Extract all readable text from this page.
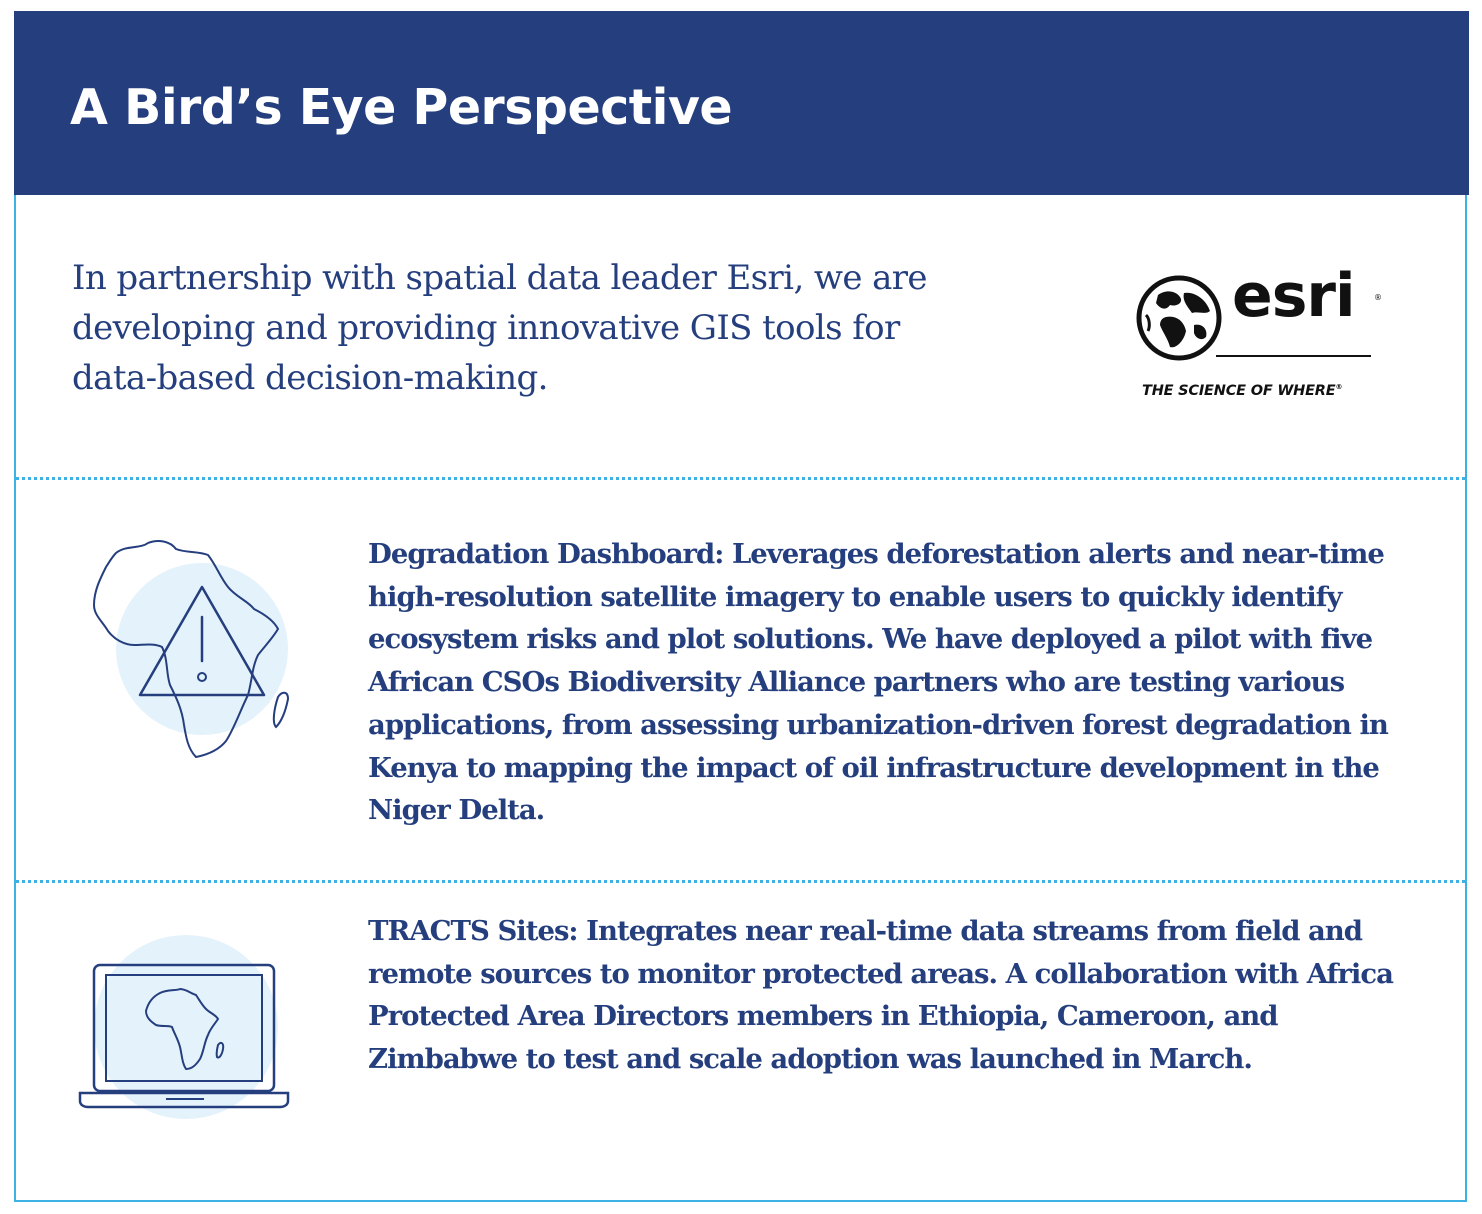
A Bird’s Eye Perspective

In partnership with spatial data leader Esri, we are developing and providing innovative GIS tools for data-based decision-making.

esri ®
THE SCIENCE OF WHERE®

Degradation Dashboard: Leverages deforestation alerts and near-time high-resolution satellite imagery to enable users to quickly identify ecosystem risks and plot solutions. We have deployed a pilot with five African CSOs Biodiversity Alliance partners who are testing various applications, from assessing urbanization-driven forest degradation in Kenya to mapping the impact of oil infrastructure development in the Niger Delta.

TRACTS Sites: Integrates near real-time data streams from field and remote sources to monitor protected areas. A collaboration with Africa Protected Area Directors members in Ethiopia, Cameroon, and Zimbabwe to test and scale adoption was launched in March.
